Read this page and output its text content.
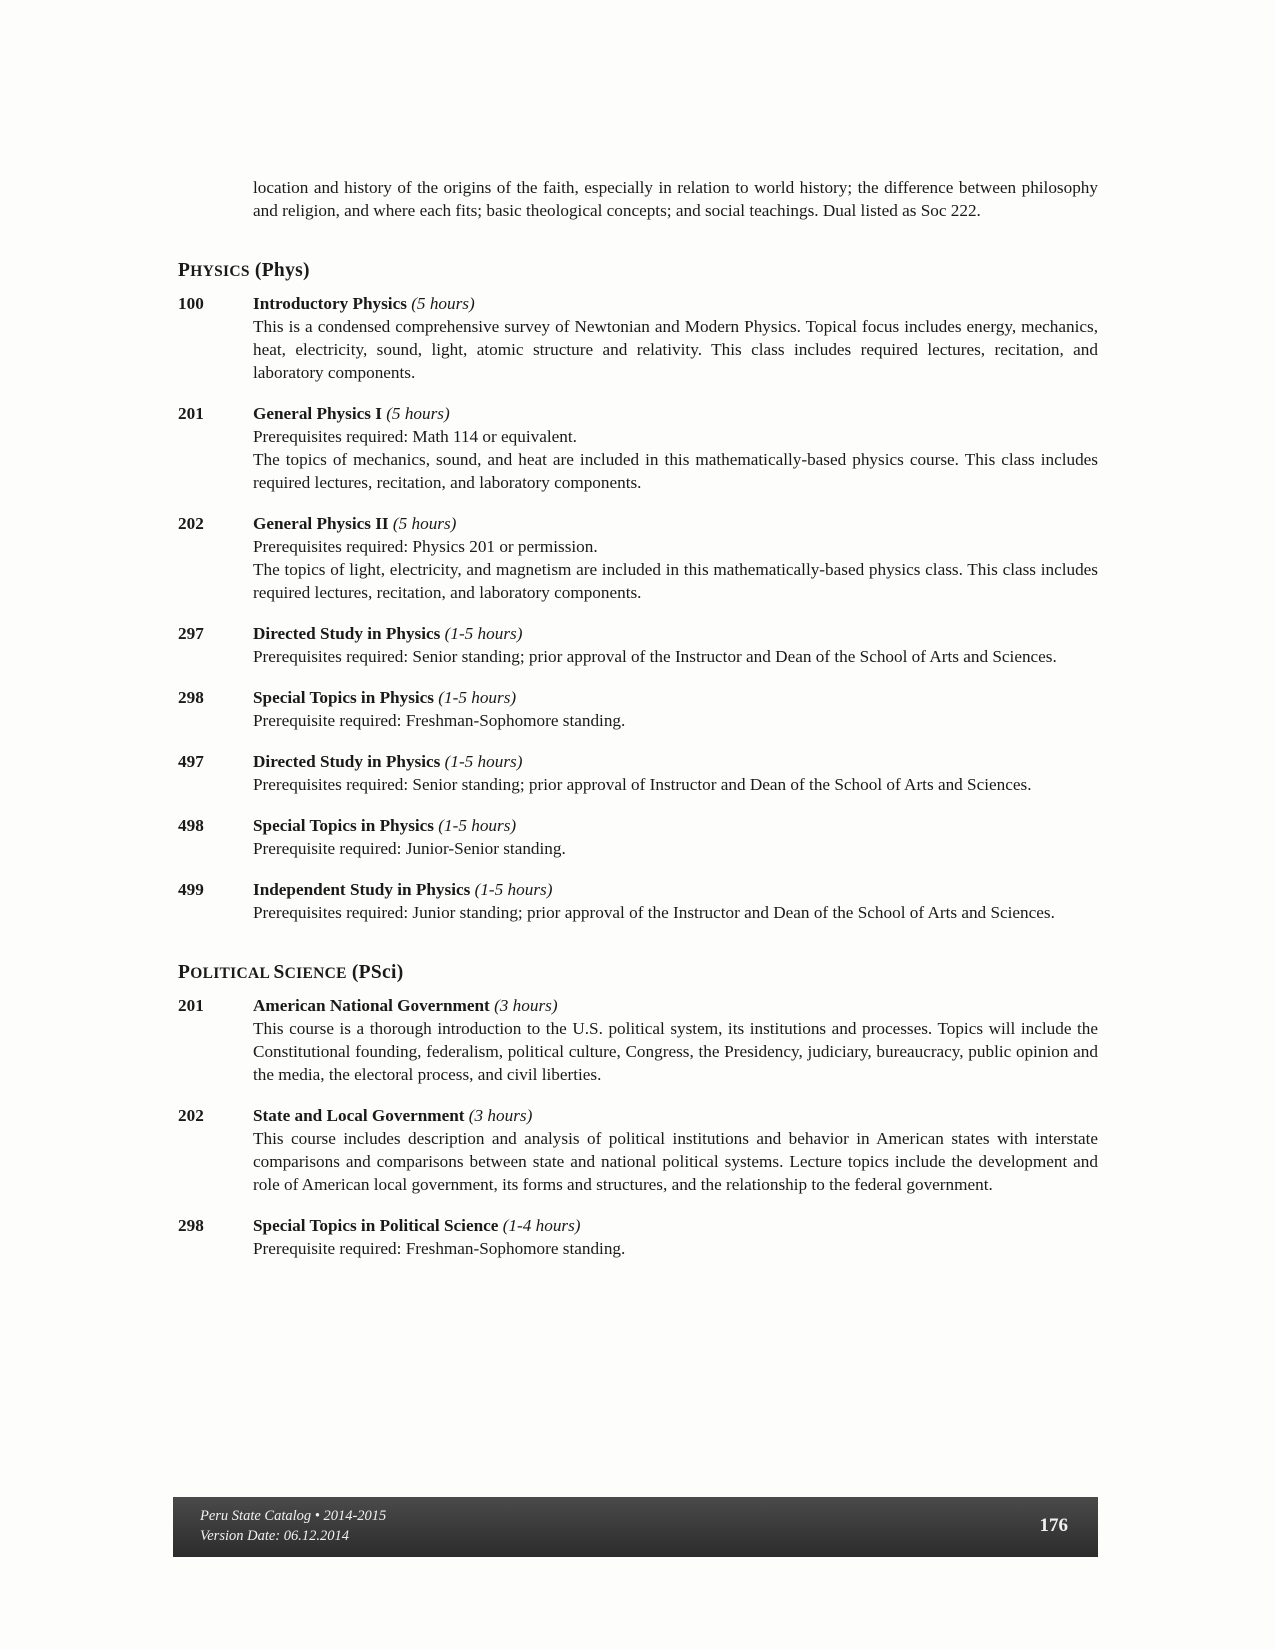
location and history of the origins of the faith, especially in relation to world history; the difference between philosophy and religion, and where each fits; basic theological concepts; and social teachings. Dual listed as Soc 222.
PHYSICS (Phys)
100	Introductory Physics (5 hours)
This is a condensed comprehensive survey of Newtonian and Modern Physics. Topical focus includes energy, mechanics, heat, electricity, sound, light, atomic structure and relativity. This class includes required lectures, recitation, and laboratory components.
201	General Physics I (5 hours)
Prerequisites required: Math 114 or equivalent.
The topics of mechanics, sound, and heat are included in this mathematically-based physics course. This class includes required lectures, recitation, and laboratory components.
202	General Physics II (5 hours)
Prerequisites required: Physics 201 or permission.
The topics of light, electricity, and magnetism are included in this mathematically-based physics class. This class includes required lectures, recitation, and laboratory components.
297	Directed Study in Physics (1-5 hours)
Prerequisites required: Senior standing; prior approval of the Instructor and Dean of the School of Arts and Sciences.
298	Special Topics in Physics (1-5 hours)
Prerequisite required: Freshman-Sophomore standing.
497	Directed Study in Physics (1-5 hours)
Prerequisites required: Senior standing; prior approval of Instructor and Dean of the School of Arts and Sciences.
498	Special Topics in Physics (1-5 hours)
Prerequisite required: Junior-Senior standing.
499	Independent Study in Physics (1-5 hours)
Prerequisites required: Junior standing; prior approval of the Instructor and Dean of the School of Arts and Sciences.
POLITICAL SCIENCE (PSci)
201	American National Government (3 hours)
This course is a thorough introduction to the U.S. political system, its institutions and processes. Topics will include the Constitutional founding, federalism, political culture, Congress, the Presidency, judiciary, bureaucracy, public opinion and the media, the electoral process, and civil liberties.
202	State and Local Government (3 hours)
This course includes description and analysis of political institutions and behavior in American states with interstate comparisons and comparisons between state and national political systems. Lecture topics include the development and role of American local government, its forms and structures, and the relationship to the federal government.
298	Special Topics in Political Science (1-4 hours)
Prerequisite required: Freshman-Sophomore standing.
Peru State Catalog • 2014-2015
Version Date: 06.12.2014	176
